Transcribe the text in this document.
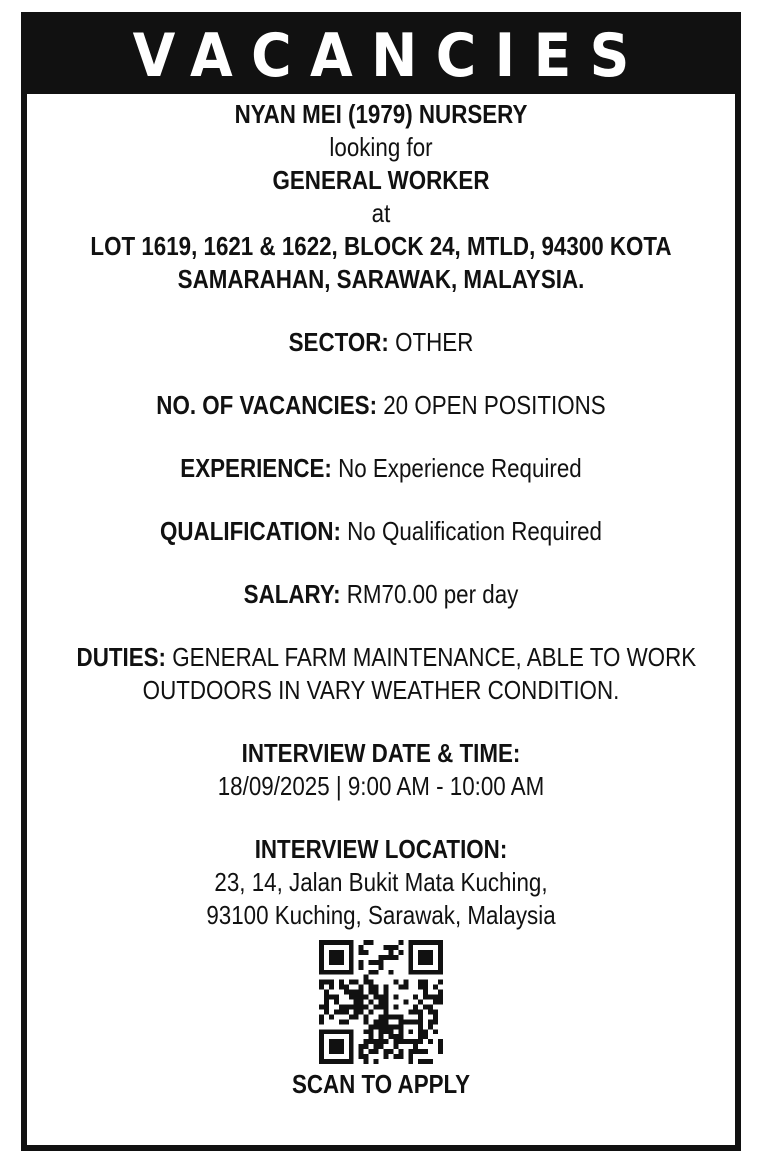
VACANCIES

NYAN MEI (1979) NURSERY

looking for

GENERAL WORKER

at

LOT 1619, 1621 & 1622, BLOCK 24, MTLD, 94300 KOTA

SAMARAHAN, SARAWAK, MALAYSIA.

SECTOR: OTHER

NO. OF VACANCIES: 20 OPEN POSITIONS

EXPERIENCE: No Experience Required

QUALIFICATION: No Qualification Required

SALARY: RM70.00 per day

DUTIES: GENERAL FARM MAINTENANCE, ABLE TO WORK

OUTDOORS IN VARY WEATHER CONDITION.

INTERVIEW DATE & TIME:

18/09/2025 | 9:00 AM - 10:00 AM

INTERVIEW LOCATION:

23, 14, Jalan Bukit Mata Kuching,

93100 Kuching, Sarawak, Malaysia

SCAN TO APPLY
